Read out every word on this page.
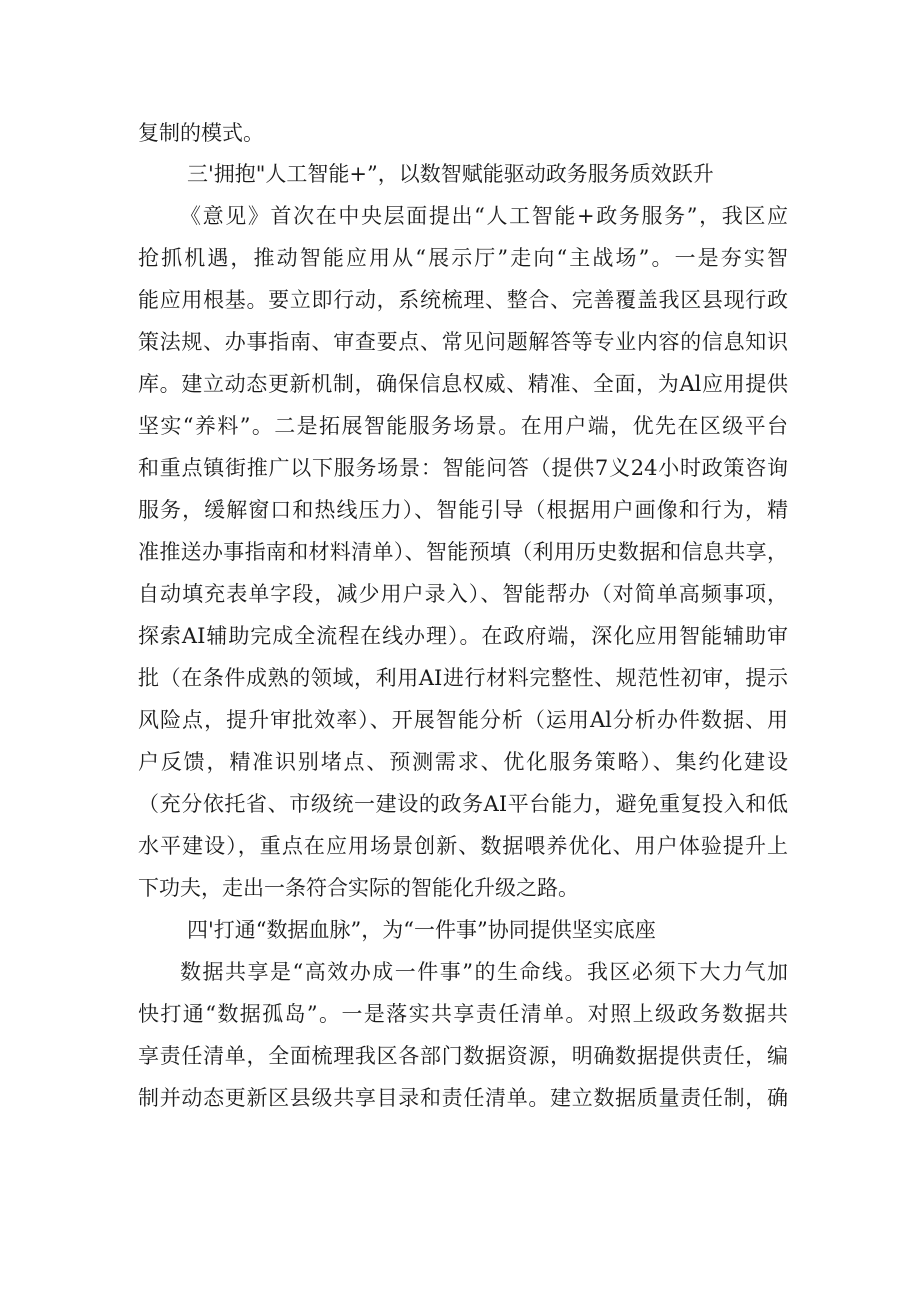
复制的模式。
三'拥抱"人工智能+”，以数智赋能驱动政务服务质效跃升
《意见》首次在中央层面提出“人工智能+政务服务”，我区应
抢抓机遇，推动智能应用从“展示厅”走向“主战场”。一是夯实智
能应用根基。要立即行动，系统梳理、整合、完善覆盖我区县现行政
策法规、办事指南、审查要点、常见问题解答等专业内容的信息知识
库。建立动态更新机制，确保信息权威、精准、全面，为Al应用提供
坚实“养料”。二是拓展智能服务场景。在用户端，优先在区级平台
和重点镇街推广以下服务场景：智能问答（提供7义24小时政策咨询
服务，缓解窗口和热线压力）、智能引导（根据用户画像和行为，精
准推送办事指南和材料清单）、智能预填（利用历史数据和信息共享，
自动填充表单字段，减少用户录入）、智能帮办（对简单高频事项，
探索AI辅助完成全流程在线办理）。在政府端，深化应用智能辅助审
批（在条件成熟的领域，利用AI进行材料完整性、规范性初审，提示
风险点，提升审批效率）、开展智能分析（运用Al分析办件数据、用
户反馈，精准识别堵点、预测需求、优化服务策略）、集约化建设
（充分依托省、市级统一建设的政务AI平台能力，避免重复投入和低
水平建设），重点在应用场景创新、数据喂养优化、用户体验提升上
下功夫，走出一条符合实际的智能化升级之路。
四'打通“数据血脉”，为“一件事”协同提供坚实底座
数据共享是“高效办成一件事”的生命线。我区必须下大力气加
快打通“数据孤岛”。一是落实共享责任清单。对照上级政务数据共
享责任清单，全面梳理我区各部门数据资源，明确数据提供责任，编
制并动态更新区县级共享目录和责任清单。建立数据质量责任制，确
